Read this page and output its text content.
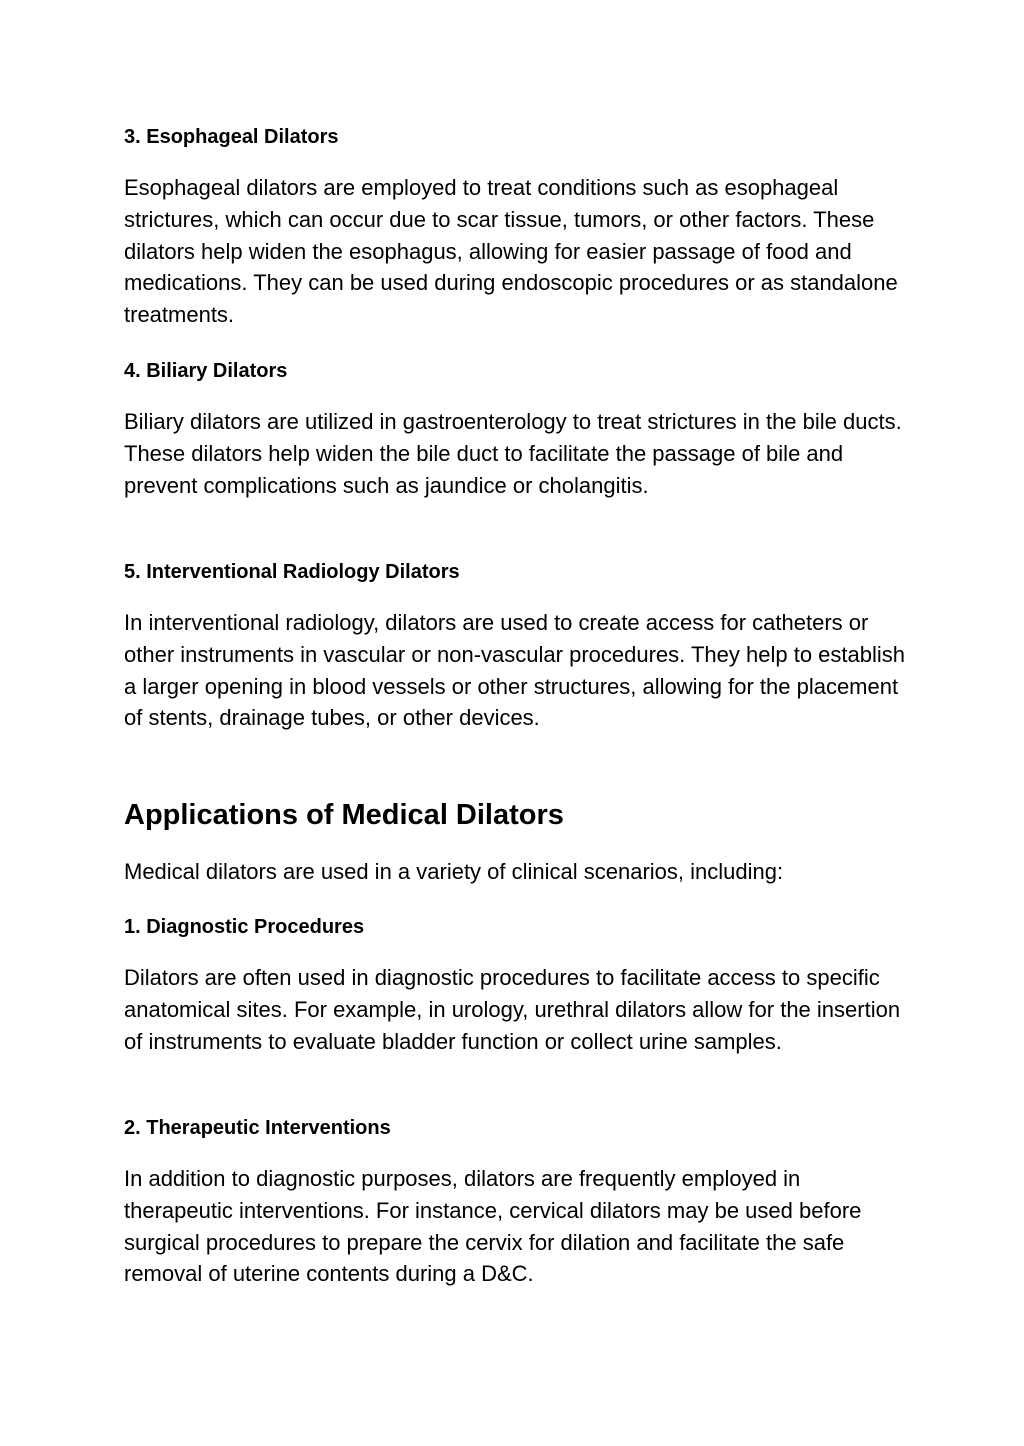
3. Esophageal Dilators

Esophageal dilators are employed to treat conditions such as esophageal strictures, which can occur due to scar tissue, tumors, or other factors. These dilators help widen the esophagus, allowing for easier passage of food and medications. They can be used during endoscopic procedures or as standalone treatments.

4. Biliary Dilators

Biliary dilators are utilized in gastroenterology to treat strictures in the bile ducts. These dilators help widen the bile duct to facilitate the passage of bile and prevent complications such as jaundice or cholangitis.

5. Interventional Radiology Dilators

In interventional radiology, dilators are used to create access for catheters or other instruments in vascular or non-vascular procedures. They help to establish a larger opening in blood vessels or other structures, allowing for the placement of stents, drainage tubes, or other devices.

Applications of Medical Dilators

Medical dilators are used in a variety of clinical scenarios, including:

1. Diagnostic Procedures

Dilators are often used in diagnostic procedures to facilitate access to specific anatomical sites. For example, in urology, urethral dilators allow for the insertion of instruments to evaluate bladder function or collect urine samples.

2. Therapeutic Interventions

In addition to diagnostic purposes, dilators are frequently employed in therapeutic interventions. For instance, cervical dilators may be used before surgical procedures to prepare the cervix for dilation and facilitate the safe removal of uterine contents during a D&C.
